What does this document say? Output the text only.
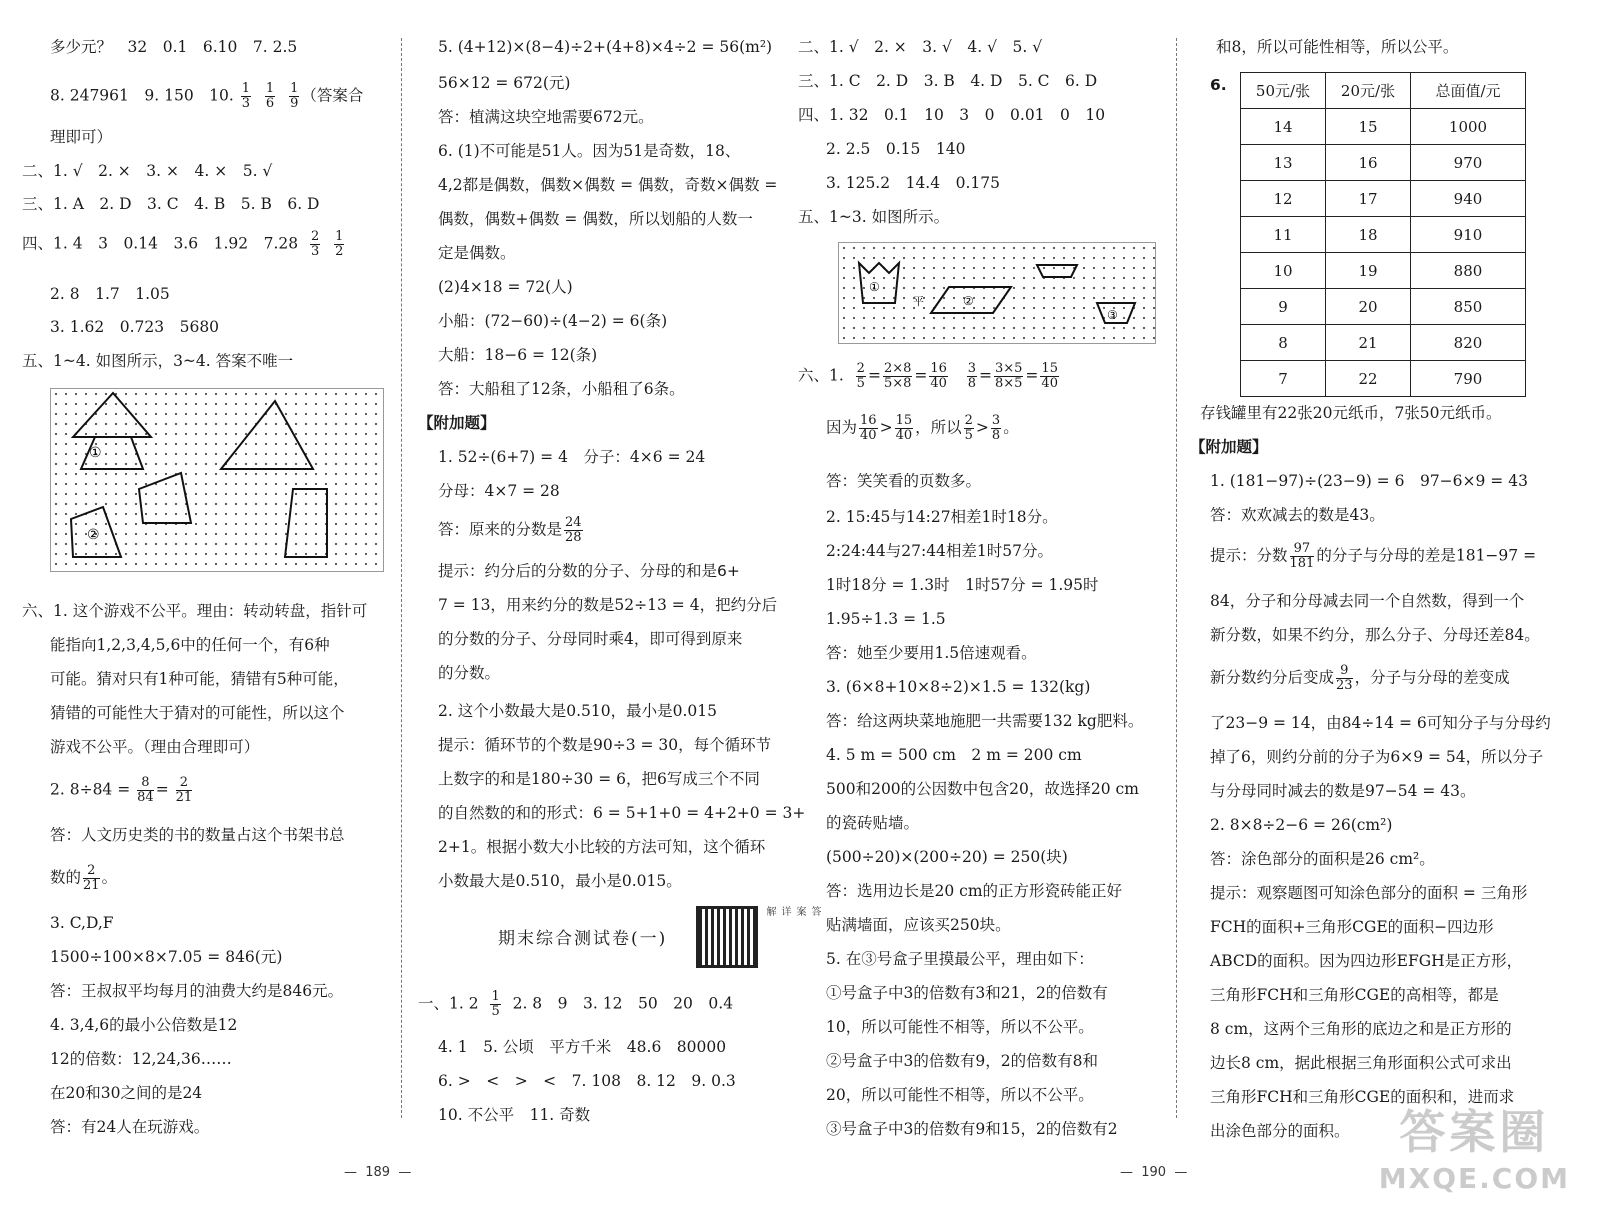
多少元？　32　0.1　6.10　7. 2.5
8. 247961　9. 150　10. $\frac{1}{3}$
$\frac{1}{6}$
$\frac{1}{9}$ （答案合
理即可）
二、1. √　2. ×　3. ×　4. ×　5. √
三、1. A　2. D　3. C　4. B　5. B　6. D
四、1. 4　3　0.14　3.6　1.92　$7.28 \frac{2}{3}$
$\frac{1}{2}$
2. 8　1.7　1.05
3. 1.62　0.723　5680
五、1~4. 如图所示，3~4. 答案不唯一
①
②
六、1. 这个游戏不公平。理由：转动转盘，指针可
能指向1,2,3,4,5,6中的任何一个，有6种
可能。猜对只有1种可能，猜错有5种可能，
猜错的可能性大于猜对的可能性，所以这个
游戏不公平。（理由合理即可）
2. $8\div 84 = \frac{8}{84} = \frac{2}{21}$
答：人文历史类的书的数量占这个书架书总
数的 $\frac{2}{21}$ 。
3. C,D,F
1500÷100×8×7.05 = 846(元)
答：王叔叔平均每月的油费大约是846元。
4. 3,4,6的最小公倍数是12
12的倍数：12,24,36……
在20和30之间的是24
答：有24人在玩游戏。
5. (4+12)×(8−4)÷2+(4+8)×4÷2 = 56(m²)
56×12 = 672(元)
答：植满这块空地需要672元。
6. (1)不可能是51人。因为51是奇数，18、
4,2都是偶数，偶数×偶数 = 偶数，奇数×偶数 =
偶数，偶数+偶数 = 偶数，所以划船的人数一
定是偶数。
(2)4×18 = 72(人)
小船：(72−60)÷(4−2) = 6(条)
大船：18−6 = 12(条)
答：大船租了12条，小船租了6条。
【附加题】
1. 52÷(6+7) = 4　分子：4×6 = 24
分母：4×7 = 28
答：原来的分数是 $\frac{24}{28}$
提示：约分后的分数的分子、分母的和是6+
7 = 13，用来约分的数是52÷13 = 4，把约分后
的分数的分子、分母同时乘4，即可得到原来
的分数。
2. 这个小数最大是0.510，最小是0.015
提示：循环节的个数是90÷3 = 30，每个循环节
上数字的和是180÷30 = 6，把6写成三个不同
的自然数的和的形式：6 = 5+1+0 = 4+2+0 = 3+
2+1。根据小数大小比较的方法可知，这个循环
小数最大是0.510，最小是0.015。
期末综合测试卷(一)
答案详解
一、1. $2 \frac{1}{5} 2$. 8　9　3. 12　50　20　0.4
4. 1　5. 公顷　平方千米　48.6　80000
6. >　<　>　<　7. 108　8. 12　9. 0.3
10. 不公平　11. 奇数
—  189  —
二、1. √　2. ×　3. √　4. √　5. √
三、1. C　2. D　3. B　4. D　5. C　6. D
四、1. 32　0.1　10　3　0　0.01　0　10
2. 2.5　0.15　140
3. 125.2　14.4　0.175
五、1~3. 如图所示。
①
②
③
平
六、1. $\frac{2}{5} = \frac{2\times 8}{5\times 8} = \frac{16}{40}$
$\frac{3}{8} = \frac{3\times 5}{8\times 5} = \frac{15}{40}$
因为 $\frac{16}{40} > \frac{15}{40}$ ，所以 $\frac{2}{5} > \frac{3}{8}$ 。
答：笑笑看的页数多。
2. 15:45与14:27相差1时18分。
2:24:44与27:44相差1时57分。
1时18分 = 1.3时　1时57分 = 1.95时
1.95÷1.3 = 1.5
答：她至少要用1.5倍速观看。
3. (6×8+10×8÷2)×1.5 = 132(kg)
答：给这两块菜地施肥一共需要132 kg肥料。
4. 5 m = 500 cm　2 m = 200 cm
500和200的公因数中包含20，故选择20 cm
的瓷砖贴墙。
(500÷20)×(200÷20) = 250(块)
答：选用边长是20 cm的正方形瓷砖能正好
贴满墙面，应该买250块。
5. 在③号盒子里摸最公平，理由如下：
①号盒子中3的倍数有3和21，2的倍数有
10，所以可能性不相等，所以不公平。
②号盒子中3的倍数有9，2的倍数有8和
20，所以可能性不相等，所以不公平。
③号盒子中3的倍数有9和15，2的倍数有2
和8，所以可能性相等，所以公平。
6. 50元/张	20元/张	总面值/元
14	15	1000
13	16	970
12	17	940
11	18	910
10	19	880
9	20	850
8	21	820
7	22	790
存钱罐里有22张20元纸币，7张50元纸币。
【附加题】
1. (181−97)÷(23−9) = 6　97−6×9 = 43
答：欢欢减去的数是43。
提示：分数 $\frac{97}{181}$ 的分子与分母的差是181−97 =
84，分子和分母减去同一个自然数，得到一个
新分数，如果不约分，那么分子、分母还差84。
新分数约分后变成 $\frac{9}{23}$ ，分子与分母的差变成
了23−9 = 14，由84÷14 = 6可知分子与分母约
掉了6，则约分前的分子为6×9 = 54，所以分子
与分母同时减去的数是97−54 = 43。
2. 8×8÷2−6 = 26(cm²)
答：涂色部分的面积是26 cm²。
提示：观察题图可知涂色部分的面积 = 三角形
FCH的面积+三角形CGE的面积−四边形
ABCD的面积。因为四边形EFGH是正方形，
三角形FCH和三角形CGE的高相等，都是
8 cm，这两个三角形的底边之和是正方形的
边长8 cm，据此根据三角形面积公式可求出
三角形FCH和三角形CGE的面积和，进而求
出涂色部分的面积。
—  190  —
答案圈
MXQE.COM
